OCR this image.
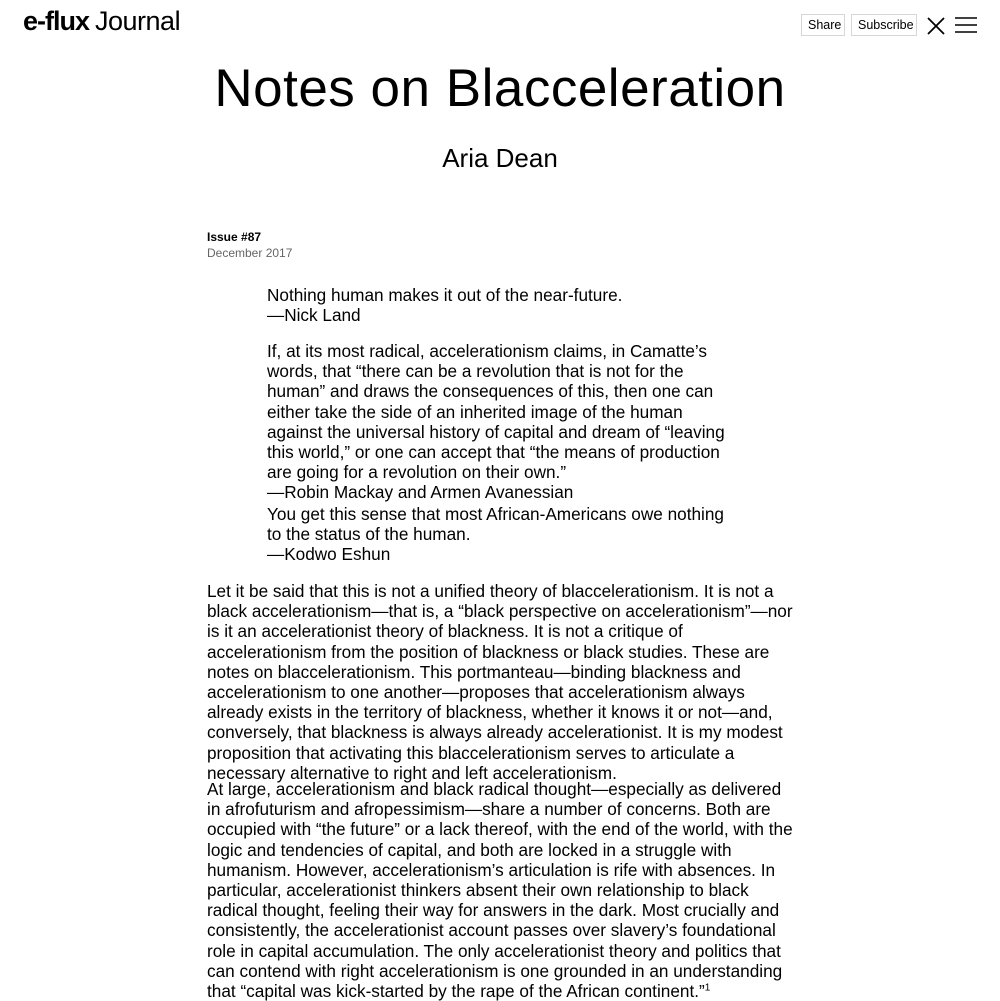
e-flux Journal	Share	Subscribe
Notes on Blacceleration
Aria Dean
Issue #87
December 2017

Nothing human makes it out of the near-future.

—Nick Land

If, at its most radical, accelerationism claims, in Camatte’s words, that “there can be a revolution that is not for the human” and draws the consequences of this, then one can either take the side of an inherited image of the human against the universal history of capital and dream of “leaving this world,” or one can accept that “the means of production are going for a revolution on their own.”

—Robin Mackay and Armen Avanessian

You get this sense that most African-Americans owe nothing to the status of the human.

—Kodwo Eshun

Let it be said that this is not a unified theory of blaccelerationism. It is not a black accelerationism—that is, a “black perspective on accelerationism”—nor is it an accelerationist theory of blackness. It is not a critique of accelerationism from the position of blackness or black studies. These are notes on blaccelerationism. This portmanteau—binding blackness and accelerationism to one another—proposes that accelerationism always already exists in the territory of blackness, whether it knows it or not—and, conversely, that blackness is always already accelerationist. It is my modest proposition that activating this blaccelerationism serves to articulate a necessary alternative to right and left accelerationism.

At large, accelerationism and black radical thought—especially as delivered in afrofuturism and afropessimism—share a number of concerns. Both are occupied with “the future” or a lack thereof, with the end of the world, with the logic and tendencies of capital, and both are locked in a struggle with humanism. However, accelerationism’s articulation is rife with absences. In particular, accelerationist thinkers absent their own relationship to black radical thought, feeling their way for answers in the dark. Most crucially and consistently, the accelerationist account passes over slavery’s foundational role in capital accumulation. The only accelerationist theory and politics that can contend with right accelerationism is one grounded in an understanding that “capital was kick-started by the rape of the African continent.”$^1$
